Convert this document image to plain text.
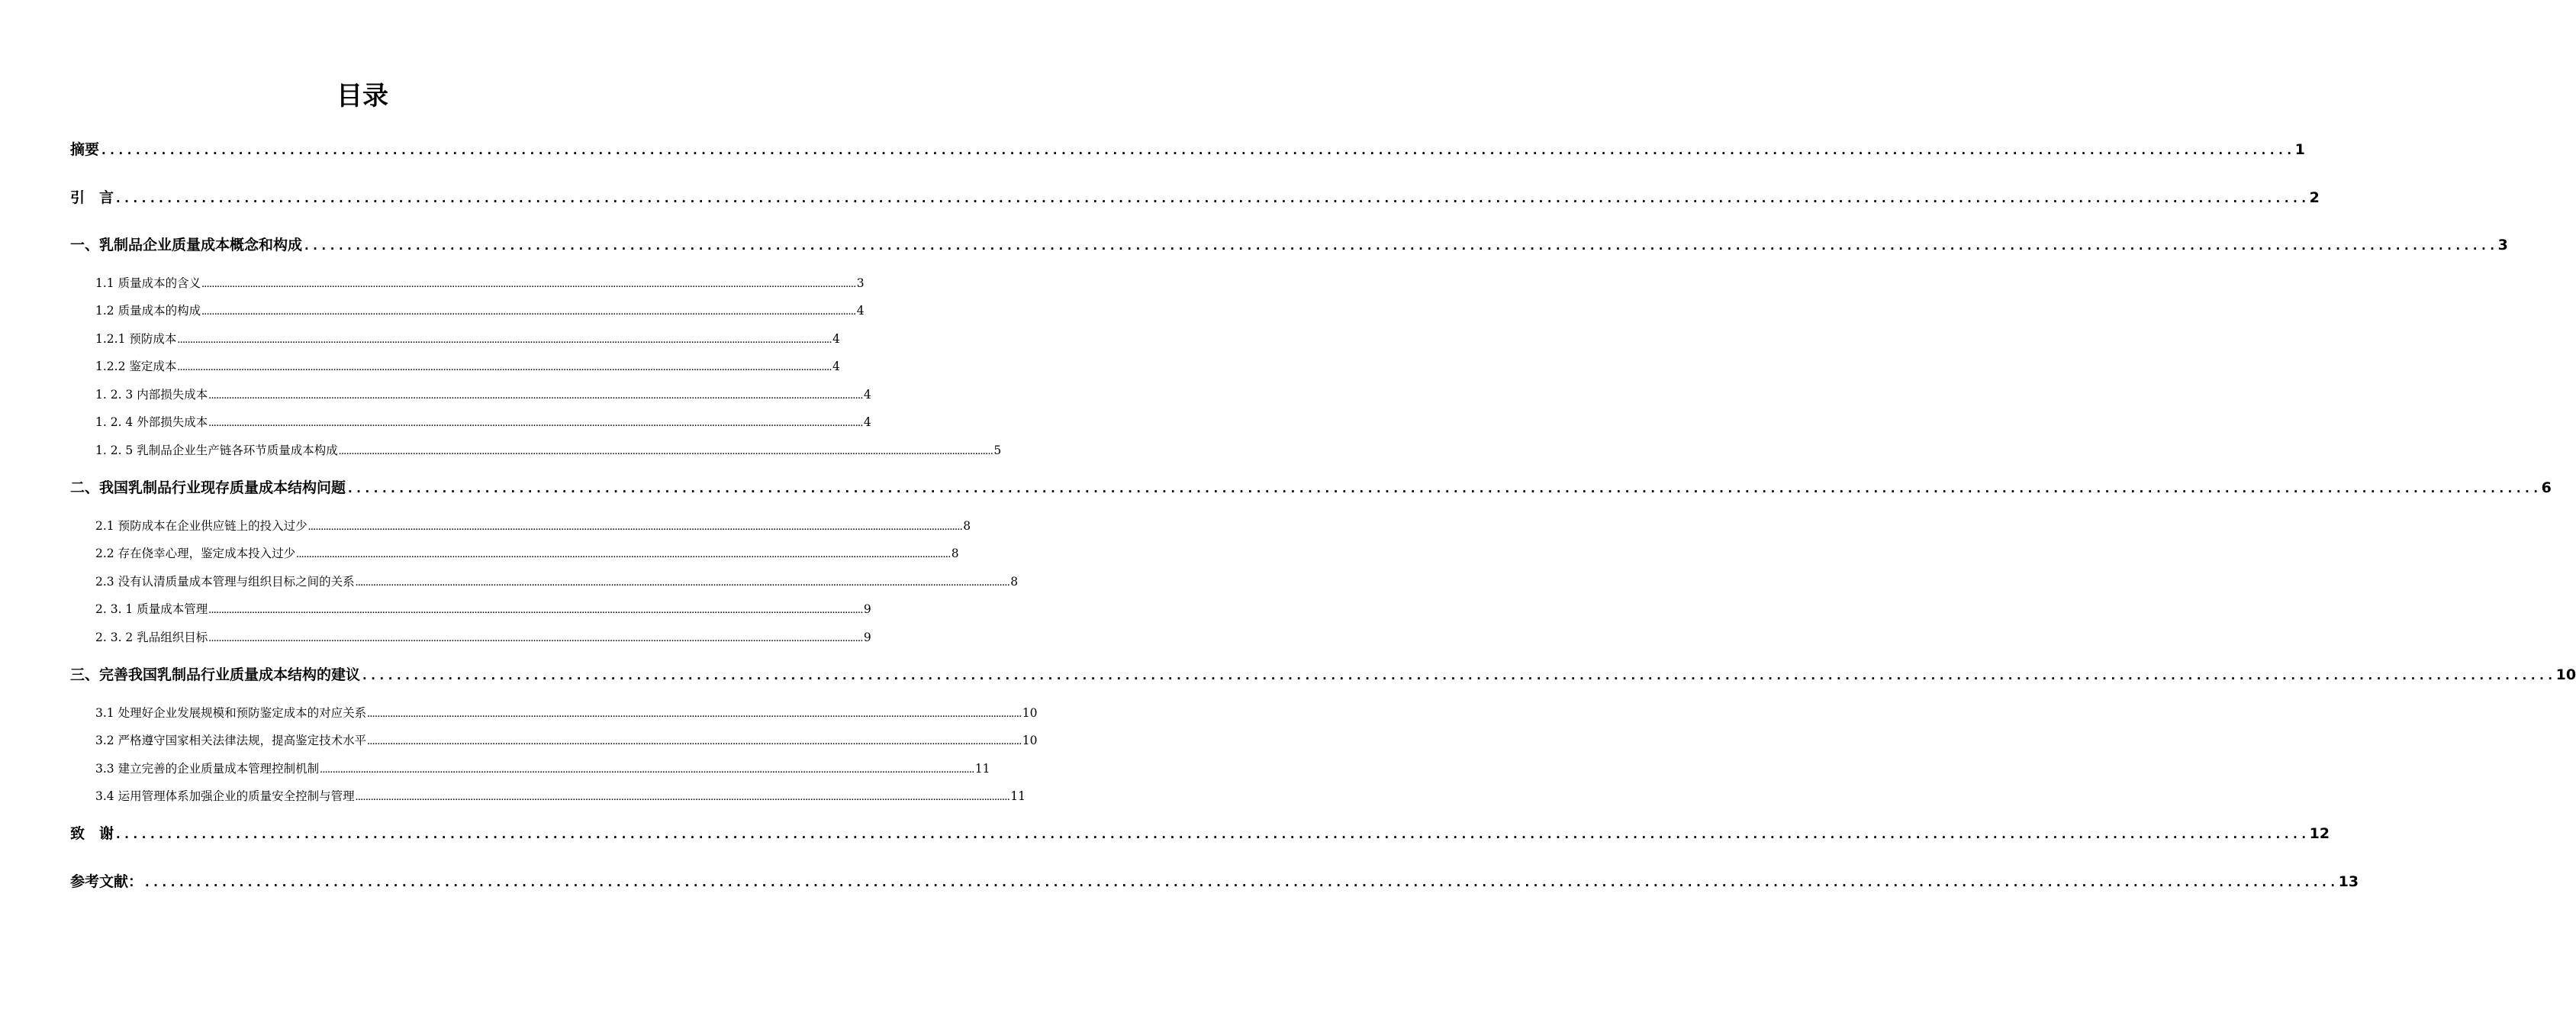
目录
摘要 ................................................................................................................................................................................................................................................................ 1
引　言 ................................................................................................................................................................................................................................................................ 2
一、乳制品企业质量成本概念和构成 ................................................................................................................................................................................................................................................................ 3
1.1 质量成本的含义 ................................................................................................................................................................................................................................................................ 3
1.2 质量成本的构成 ................................................................................................................................................................................................................................................................ 4
1.2.1 预防成本 ................................................................................................................................................................................................................................................................ 4
1.2.2 鉴定成本 ................................................................................................................................................................................................................................................................ 4
1. 2. 3 内部损失成本 ................................................................................................................................................................................................................................................................ 4
1. 2. 4 外部损失成本 ................................................................................................................................................................................................................................................................ 4
1. 2. 5 乳制品企业生产链各环节质量成本构成 ................................................................................................................................................................................................................................................................ 5
二、我国乳制品行业现存质量成本结构问题 ................................................................................................................................................................................................................................................................ 6
2.1 预防成本在企业供应链上的投入过少 ................................................................................................................................................................................................................................................................ 8
2.2 存在侥幸心理，鉴定成本投入过少 ................................................................................................................................................................................................................................................................ 8
2.3 没有认清质量成本管理与组织目标之间的关系 ................................................................................................................................................................................................................................................................ 8
2. 3. 1 质量成本管理 ................................................................................................................................................................................................................................................................ 9
2. 3. 2 乳品组织目标 ................................................................................................................................................................................................................................................................ 9
三、完善我国乳制品行业质量成本结构的建议 ................................................................................................................................................................................................................................................................ 10
3.1 处理好企业发展规模和预防鉴定成本的对应关系 ................................................................................................................................................................................................................................................................ 10
3.2 严格遵守国家相关法律法规，提高鉴定技术水平 ................................................................................................................................................................................................................................................................ 10
3.3 建立完善的企业质量成本管理控制机制 ................................................................................................................................................................................................................................................................ 11
3.4 运用管理体系加强企业的质量安全控制与管理 ................................................................................................................................................................................................................................................................ 11
致　谢 ................................................................................................................................................................................................................................................................ 12
参考文献： ................................................................................................................................................................................................................................................................ 13
